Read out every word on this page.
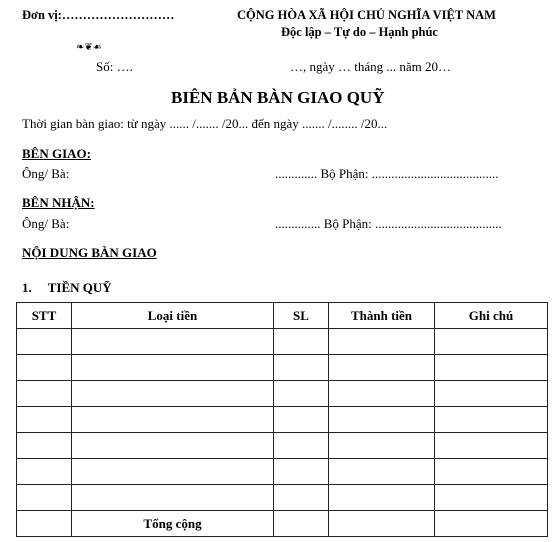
Đơn vị:………………………	CỘNG HÒA XÃ HỘI CHỦ NGHĨA VIỆT NAM
Độc lập – Tự do – Hạnh phúc
❧❦☙
Số: ….	…, ngày … tháng ... năm 20…
BIÊN BẢN BÀN GIAO QUỸ
Thời gian bàn giao: từ ngày ...... /....... /20... đến ngày ....... /........ /20...
BÊN GIAO:
Ông/ Bà:	............. Bộ Phận: .......................................
BÊN NHẬN:
Ông/ Bà:	.............. Bộ Phận: .......................................
NỘI DUNG BÀN GIAO
1.     TIỀN QUỸ
STT	Loại tiền	SL	Thành tiền	Ghi chú

	Tổng cộng			
